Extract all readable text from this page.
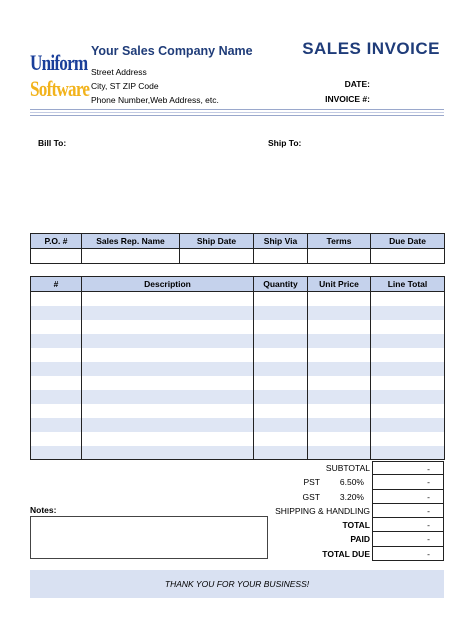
Uniform
Software
Your Sales Company Name
Street Address
City, ST ZIP Code
Phone Number,Web Address, etc.
SALES INVOICE
DATE:
INVOICE #:
Bill To:	Ship To:
P.O. #	Sales Rep. Name	Ship Date	Ship Via	Terms	Due Date

#	Description	Quantity	Unit Price	Line Total

SUBTOTAL	-
PST 6.50%	-
GST 3.20%	-
SHIPPING & HANDLING	-
TOTAL	-
PAID	-
TOTAL DUE	-
Notes:
THANK YOU FOR YOUR BUSINESS!
